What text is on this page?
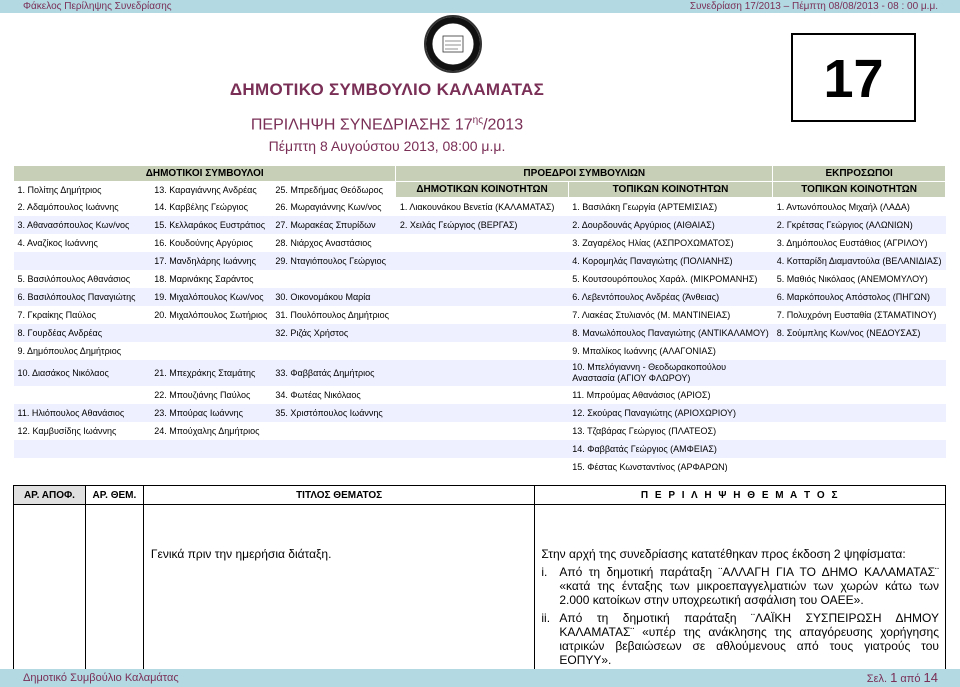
Φάκελος Περίληψης Συνεδρίασης	Συνεδρίαση 17/2013 – Πέμπτη 08/08/2013 - 08 : 00 μ.μ.
ΔΗΜΟΤΙΚΟ ΣΥΜΒΟΥΛΙΟ ΚΑΛΑΜΑΤΑΣ
ΠΕΡΙΛΗΨΗ ΣΥΝΕΔΡΙΑΣΗΣ $17^{\eta\varsigma}/2013$
Πέμπτη 8 Αυγούστου 2013, 08:00 μ.μ.
17
ΔΗΜΟΤΙΚΟΙ ΣΥΜΒΟΥΛΟΙ			ΠΡΟΕΔΡΟΙ ΣΥΜΒΟΥΛΙΩΝ		ΕΚΠΡΟΣΩΠΟΙ
1. Πολίτης Δημήτριος	13. Καραγιάννης Ανδρέας	25. Μπρεδήμας Θεόδωρος	ΔΗΜΟΤΙΚΩΝ ΚΟΙΝΟΤΗΤΩΝ	ΤΟΠΙΚΩΝ ΚΟΙΝΟΤΗΤΩΝ	ΤΟΠΙΚΩΝ ΚΟΙΝΟΤΗΤΩΝ
2. Αδαμόπουλος Ιωάννης	14. Καρβέλης Γεώργιος	26. Μωραγιάννης Κων/νος	1. Λιακουνάκου Βενετία (ΚΑΛΑΜΑΤΑΣ)	1. Βασιλάκη Γεωργία (ΑΡΤΕΜΙΣΙΑΣ)	1. Αντωνόπουλος Μιχαήλ (ΛΑΔΑ)
3. Αθανασόπουλος Κων/νος	15. Κελλαράκος Ευστράτιος	27. Μωρακέας Σπυρίδων	2. Χειλάς Γεώργιος (ΒΕΡΓΑΣ)	2. Δουρδουνάς Αργύριος (ΑΙΘΑΙΑΣ)	2. Γκρέτσας Γεώργιος (ΑΛΩΝΙΩΝ)
4. Αναζίκος Ιωάννης	16. Κουδούνης Αργύριος	28. Νιάρχος Αναστάσιος		3. Ζαγαρέλος Ηλίας (ΑΣΠΡΟΧΩΜΑΤΟΣ)	3. Δημόπουλος Ευστάθιος (ΑΓΡΙΛΟΥ)
	17. Μανδηλάρης Ιωάννης	29. Νταγιόπουλος Γεώργιος		4. Κορομηλάς Παναγιώτης (ΠΟΛΙΑΝΗΣ)	4. Κοτταρίδη Διαμαντούλα (ΒΕΛΑΝΙΔΙΑΣ)
5. Βασιλόπουλος Αθανάσιος	18. Μαρινάκης Σαράντος			5. Κουτσουρόπουλος Χαράλ. (ΜΙΚΡΟΜΑΝΗΣ)	5. Μαθιός Νικόλαος (ΑΝΕΜΟΜΥΛΟΥ)
6. Βασιλόπουλος Παναγιώτης	19. Μιχαλόπουλος Κων/νος	30. Οικονομάκου Μαρία		6. Λεβεντόπουλος Ανδρέας (Άνθειας)	6. Μαρκόπουλος Απόστολος (ΠΗΓΩΝ)
7. Γκραίκης Παύλος	20. Μιχαλόπουλος Σωτήριος	31. Πουλόπουλος Δημήτριος		7. Λιακέας Στυλιανός (Μ. ΜΑΝΤΙΝΕΙΑΣ)	7. Πολυχρόνη Ευσταθία (ΣΤΑΜΑΤΙΝΟΥ)
8. Γουρδέας Ανδρέας		32. Ριζάς Χρήστος		8. Μανωλόπουλος Παναγιώτης (ΑΝΤΙΚΑΛΑΜΟΥ)	8. Σούμπλης Κων/νος (ΝΕΔΟΥΣΑΣ)
9. Δημόπουλος Δημήτριος				9. Μπαλίκος Ιωάννης (ΑΛΑΓΟΝΙΑΣ)	
10. Διασάκος Νικόλαος	21. Μπεχράκης Σταμάτης	33. Φαββατάς Δημήτριος		10. Μπελόγιαννη - Θεοδωρακοπούλου Αναστασία (ΑΓΙΟΥ ΦΛΩΡΟΥ)	
	22. Μπουζιάνης Παύλος	34. Φωτέας Νικόλαος		11. Μπρούμας Αθανάσιος (ΑΡΙΟΣ)	
11. Ηλιόπουλος Αθανάσιος	23. Μπούρας Ιωάννης	35. Χριστόπουλος Ιωάννης		12. Σκούρας Παναγιώτης (ΑΡΙΟΧΩΡΙΟΥ)	
12. Καμβυσίδης Ιωάννης	24. Μπούχαλης Δημήτριος			13. Τζαβάρας Γεώργιος (ΠΛΑΤΕΟΣ)	
				14. Φαββατάς Γεώργιος (ΑΜΦΕΙΑΣ)	
				15. Φέστας Κωνσταντίνος (ΑΡΦΑΡΩΝ)	
ΑΡ. ΑΠΟΦ.	ΑΡ. ΘΕΜ.	ΤΙΤΛΟΣ ΘΕΜΑΤΟΣ	Π Ε Ρ Ι Λ Η Ψ Η Θ Ε Μ Α Τ Ο Σ
		Γενικά πριν την ημερήσια διάταξη.	Στην αρχή της συνεδρίασης κατατέθηκαν προς έκδοση 2 ψηφίσματα:
i. Από τη δημοτική παράταξη ¨ΑΛΛΑΓΗ ΓΙΑ ΤΟ ΔΗΜΟ ΚΑΛΑΜΑΤΑΣ¨ «κατά της ένταξης των μικροεπαγγελματιών των χωρών κάτω των 2.000 κατοίκων στην υποχρεωτική ασφάλιση του ΟΑΕΕ».
ii. Από τη δημοτική παράταξη ¨ΛΑΪΚΗ ΣΥΣΠΕΙΡΩΣΗ ΔΗΜΟΥ ΚΑΛΑΜΑΤΑΣ¨ «υπέρ της ανάκλησης της απαγόρευσης χορήγησης ιατρικών βεβαιώσεων σε αθλούμενους από τους γιατρούς του ΕΟΠΥΥ».
Δημοτικό Συμβούλιο Καλαμάτας	Σελ. 1 από 14
